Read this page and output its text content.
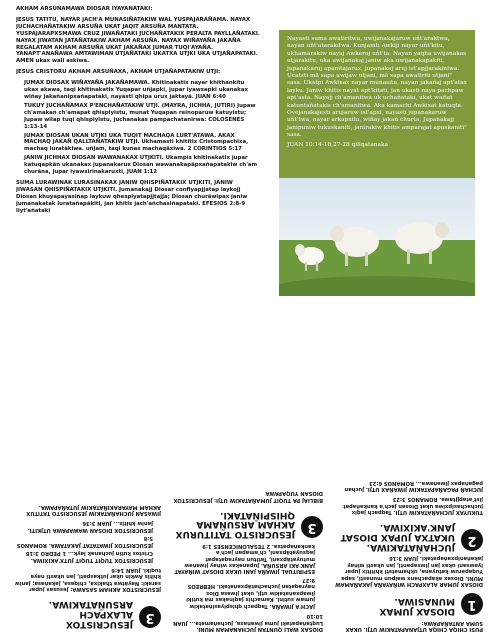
AKHAM ARSUÑAMAWA DIOSAR IYAYAÑATAKI:

JESUS TATITU, NAYAR JACH'A MUNASIÑATAKIW WAL YUSPAJARAÑAMA. NAYAX JUCHACHAÑATAKIW ARSUÑA UKAT JAQIT ARSUÑA MANTATA. YUSPAJARAPXSMAWA CRUZ JIWAÑATAKI JUCHAÑATAKIX PERALTA PAYLLAÑATAKI. NAYAX JIWATAN JATAÑATAKIW AKHAM ARSUÑA. NAYAX WIÑAYAÑA JAKAÑA REGALATAM AKHAM ARSUÑA UKAT JAKAÑAX JUMAR TUQI'AYAÑA. YANAPT'ANAÑAWA AMTAWIMAN UTJAÑATAKI UKATXA UTJKI UKA UTJAÑAPATAKI. AMEN ukax wali askiwa.

JESUS CRISTORU AKHAM ARSUÑAXA, AKHAM UTJAÑAPATAKIW UTJI:

• JUMAX DIOSAX WIÑAYAÑA JAKAÑAMAWA. Khitinakatix nayar khithankitu ukax akawa, taqi khitinakatix Yuqapar uñjapki, jupar iyawsapki ukanakax wiñay jakañanipxañapataki, nayasti qhipa urux jaktayä. JUAN 6:40
• TUKUY JUCHAÑAMAX P'ENCHAÑATAKIW UTJI. (MAYRA, JICHHA, JUTIRI) Jupaw ch'amakan ch'amapat qhispiyistu, munat Yuqapan reinoparuw katuyistu; Jupaw wilap tuqi qhispiyistu, juchanakas pampachatanirwa: COLOSENES 1:13-14
• JUMAX DIOSAN UKAN UTJKI UKA TUQIT MACHAQA LURT'ATAWA. AKAX MACHAQ JAKAÑ QALLTAÑATAKIW UTJI. Ukhamasti khititix Cristompachixa, machaq luratäkiwa. uñjam, taqi kunas machaqäxiwa. 2 CORINTIOS 5:17
• JANIW JICHHAX DIOSAN WAWANAKAX UTJKITI. Ukampis khitinakatix jupar katuqapkän ukanakax jupanakarux Diosan wawanakapäpxañapatakiw ch'am churäna, jupar iyawsirinakaruxti, JUAN 1:12

SUMA LURAWINAK LURASINAKAX JANIW QHISPIÑATAKIX UTJKITI, JANIW JIWASAN QHISPIÑATAKIX UTJKITI. Jumanakajj Diosar confiyapjjatap laykojj Diosan khuyapayasiñap laykuw qhespiyatapjjtajja; Diosan churäwipax janiw jumanakatak luratañapäkiti, jan khitis jach'añchasiñapataki. EFESIOS 2:8-9 liyt'añataki

Nayasti suma awatiritwa, uwijanakajaruw uñt'araktwa, nayan uñt'atarakitwa. Kunjamti Awkiji nayar uñt'kitu, ukhamarakiw nayaj Awkeroj uñt'ta. Nayan yaqha uwijanakas utjarakitu, uka uwijanakaj janiw aka uwijanakapakiti, jupanakaruj apanitajarux, jupanakaj aruj ist'apjjarakiniwa. Ucatsti mä sapa uwijaw utjani, mä sapa awatiriti utjani" sasa. Ukatpi Awkixax nayar munasitu, nayan jakañaj apt'atax layku. Janiw khitis nayat apt'kitati, jan ukasti naya pachpaw apt'asta. Nayajj ch'amanitwa uk uchañataki, ukat waitat katuntañatakis ch'amanitwa. Aka kamachi Awkixat katuqta. Ovejanakajesti arujaruw ist'apxi, nayasti jupanakaruw uñt'twa, nayar arkapxitu, wiñay jakañ churta, Jupanakajj janipuniw tukuskaniti, janirakiw khitis amparajat apuskaniti" sasa.
JUAN 10:14-18,27-28 qillqatanaka

PUSI CHIQA CHIQA UTJAÑAPATAKIW UTJI. UKAX SUMA ANTAÑAPAWA:

1
DIOSAX JUMAX MUNASIWA.

DIOSAX JUMAR ALAXPACH WIÑAYAÑA JAKAÑAMAW MUNI. Diosax akapachanx walpun munasti, sapa Yuqaparuw katuyana, ukhamatsti khititix jupar iyawsani ukax jan jiwxapanti, jan ukasti wiñay jakañanipxañapataki. JUAN 3:16

2
JUCHAÑATAKIWA. UKATXA JUPAX DIOSAT JANK'AKIXIWA.

TUKUYAX JUCHAÑATAKIW UTJI. Taqpach jaqix juchachasipxiwa ukat Diosan jach'a kankañapat jist'atapjjtawa. ROMANOS 3:23

JUCHAÑ PAGAÑAPATAKIW JIWAÑAX UTJI. Juchan pagañapax jiwañawa... ROMANOS 6:23

DIOSAX WALI QUNTAN JUCHAÑAMAN MUNI. Luqtañapataki juma jiwañaxa, juchañamata... JUAN 10:10

• JACH'A JIWAÑA. Taqpach qhispiyasiñatakiw jumaw sutini. Kamachix jaqinakax mä kutiki jiwapxañatakiw utji, ukat jiwasa Dios nayraqatan juchachatäpxañataki. HEBREOS 9:27
• ESPIRITUAL JIWAÑA JANI UKAX DIOSAT WIÑAYAT JANK'AKI ARSUÑA. Jupanakax wiñay jiwañaw mutuyatäpxani, Tatitun nayraqatapat jaqsuyatäpxani, ch'amapan jach'a kankañapatsa. 2 TESALONICENSES 1:9
3
JESUCRISTO TATITURUX AKHAM ARSUÑAMA QHISPIÑATAKI.

BIBLIAJ PA TUQIT JUMAÑATAKIW UTJI: JESUCRISTOX DIOSAN YUQAPAWA

3
JESUCRISTOX ALAXPACH ARSUÑATAKIWA.

JESUCRISTOX AKHAM SASAWA: Jesusax jupar saraki: Nayätwa thakixa, chiqasa, jakañasa; janiw khitis Awkin ukar jutkaspati, jan ukasti naya tuqiki. JUAN 14:6

• JESUCRISTOX TUQIT TUQIT JUTX'AKIXIWA. Cristos kutin juchanak layk... 1 PEDRO 3:18
• JESUCRISTOX JIWATATAT JAKATAWA. ROMANOS 5:8
• JESUCRISTOX DIOSAN WAWAPAWA UTJKITI. Janiw khitis... JUAN 3:36

JIWASAN JUCHAÑATAKIW JESUCRISTO TATITUX AKHAM MAYARAKIÑATAKIW JUTAÑAPAWA.
